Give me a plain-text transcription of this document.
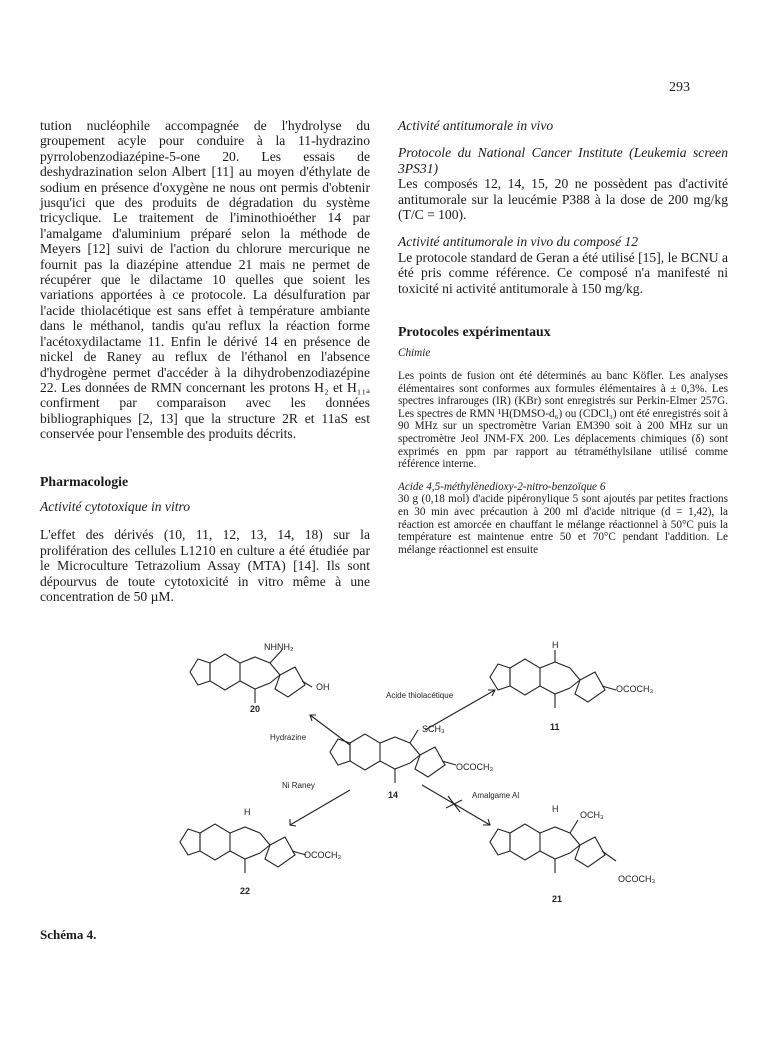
293

tution nucléophile accompagnée de l'hydrolyse du groupement acyle pour conduire à la 11-hydrazino pyrrolobenzodiazépine-5-one 20. Les essais de deshydrazination selon Albert [11] au moyen d'éthylate de sodium en présence d'oxygène ne nous ont permis d'obtenir jusqu'ici que des produits de dégradation du système tricyclique. Le traitement de l'iminothioéther 14 par l'amalgame d'aluminium préparé selon la méthode de Meyers [12] suivi de l'action du chlorure mercurique ne fournit pas la diazépine attendue 21 mais ne permet de récupérer que le dilactame 10 quelles que soient les variations apportées à ce protocole. La désulfuration par l'acide thiolacétique est sans effet à température ambiante dans le méthanol, tandis qu'au reflux la réaction forme l'acétoxydilactame 11. Enfin le dérivé 14 en présence de nickel de Raney au reflux de l'éthanol en l'absence d'hydrogène permet d'accéder à la dihydrobenzodiazépine 22. Les données de RMN concernant les protons H₂ et H₁₁ₐ confirment par comparaison avec les données bibliographiques [2, 13] que la structure 2R et 11aS est conservée pour l'ensemble des produits décrits.

Pharmacologie

Activité cytotoxique in vitro

L'effet des dérivés (10, 11, 12, 13, 14, 18) sur la prolifération des cellules L1210 en culture a été étudiée par le Microculture Tetrazolium Assay (MTA) [14]. Ils sont dépourvus de toute cytotoxicité in vitro même à une concentration de 50 µM.

Activité antitumorale in vivo

Protocole du National Cancer Institute (Leukemia screen 3PS31)

Les composés 12, 14, 15, 20 ne possèdent pas d'activité antitumorale sur la leucémie P388 à la dose de 200 mg/kg (T/C = 100).

Activité antitumorale in vivo du composé 12

Le protocole standard de Geran a été utilisé [15], le BCNU a été pris comme référence. Ce composé n'a manifesté ni toxicité ni activité antitumorale à 150 mg/kg.

Protocoles expérimentaux

Chimie

Les points de fusion ont été déterminés au banc Köfler. Les analyses élémentaires sont conformes aux formules élémentaires à ± 0,3%. Les spectres infrarouges (IR) (KBr) sont enregistrés sur Perkin-Elmer 257G. Les spectres de RMN ¹H(DMSO-d₆) ou (CDCl₃) ont été enregistrés soit à 90 MHz sur un spectromètre Varian EM390 soit à 200 MHz sur un spectromètre Jeol JNM-FX 200. Les déplacements chimiques (δ) sont exprimés en ppm par rapport au tétraméthylsilane utilisé comme référence interne.

Acide 4,5-méthylènedioxy-2-nitro-benzoïque 6

30 g (0,18 mol) d'acide pipéronylique 5 sont ajoutés par petites fractions en 30 min avec précaution à 200 ml d'acide nitrique (d = 1,42), la réaction est amorcée en chauffant le mélange réactionnel à 50°C puis la température est maintenue entre 50 et 70°C pendant l'addition. Le mélange réactionnel est ensuite

NHNH₂
OH
20
H
OCOCH₃
11
SCH₃
OCOCH₃
14
H
OCOCH₃
22
H
OCH₃
OCOCH₃
21
Hydrazine
Acide thiolacétique
Ni Raney
Amalgame Al
Schéma 4.
